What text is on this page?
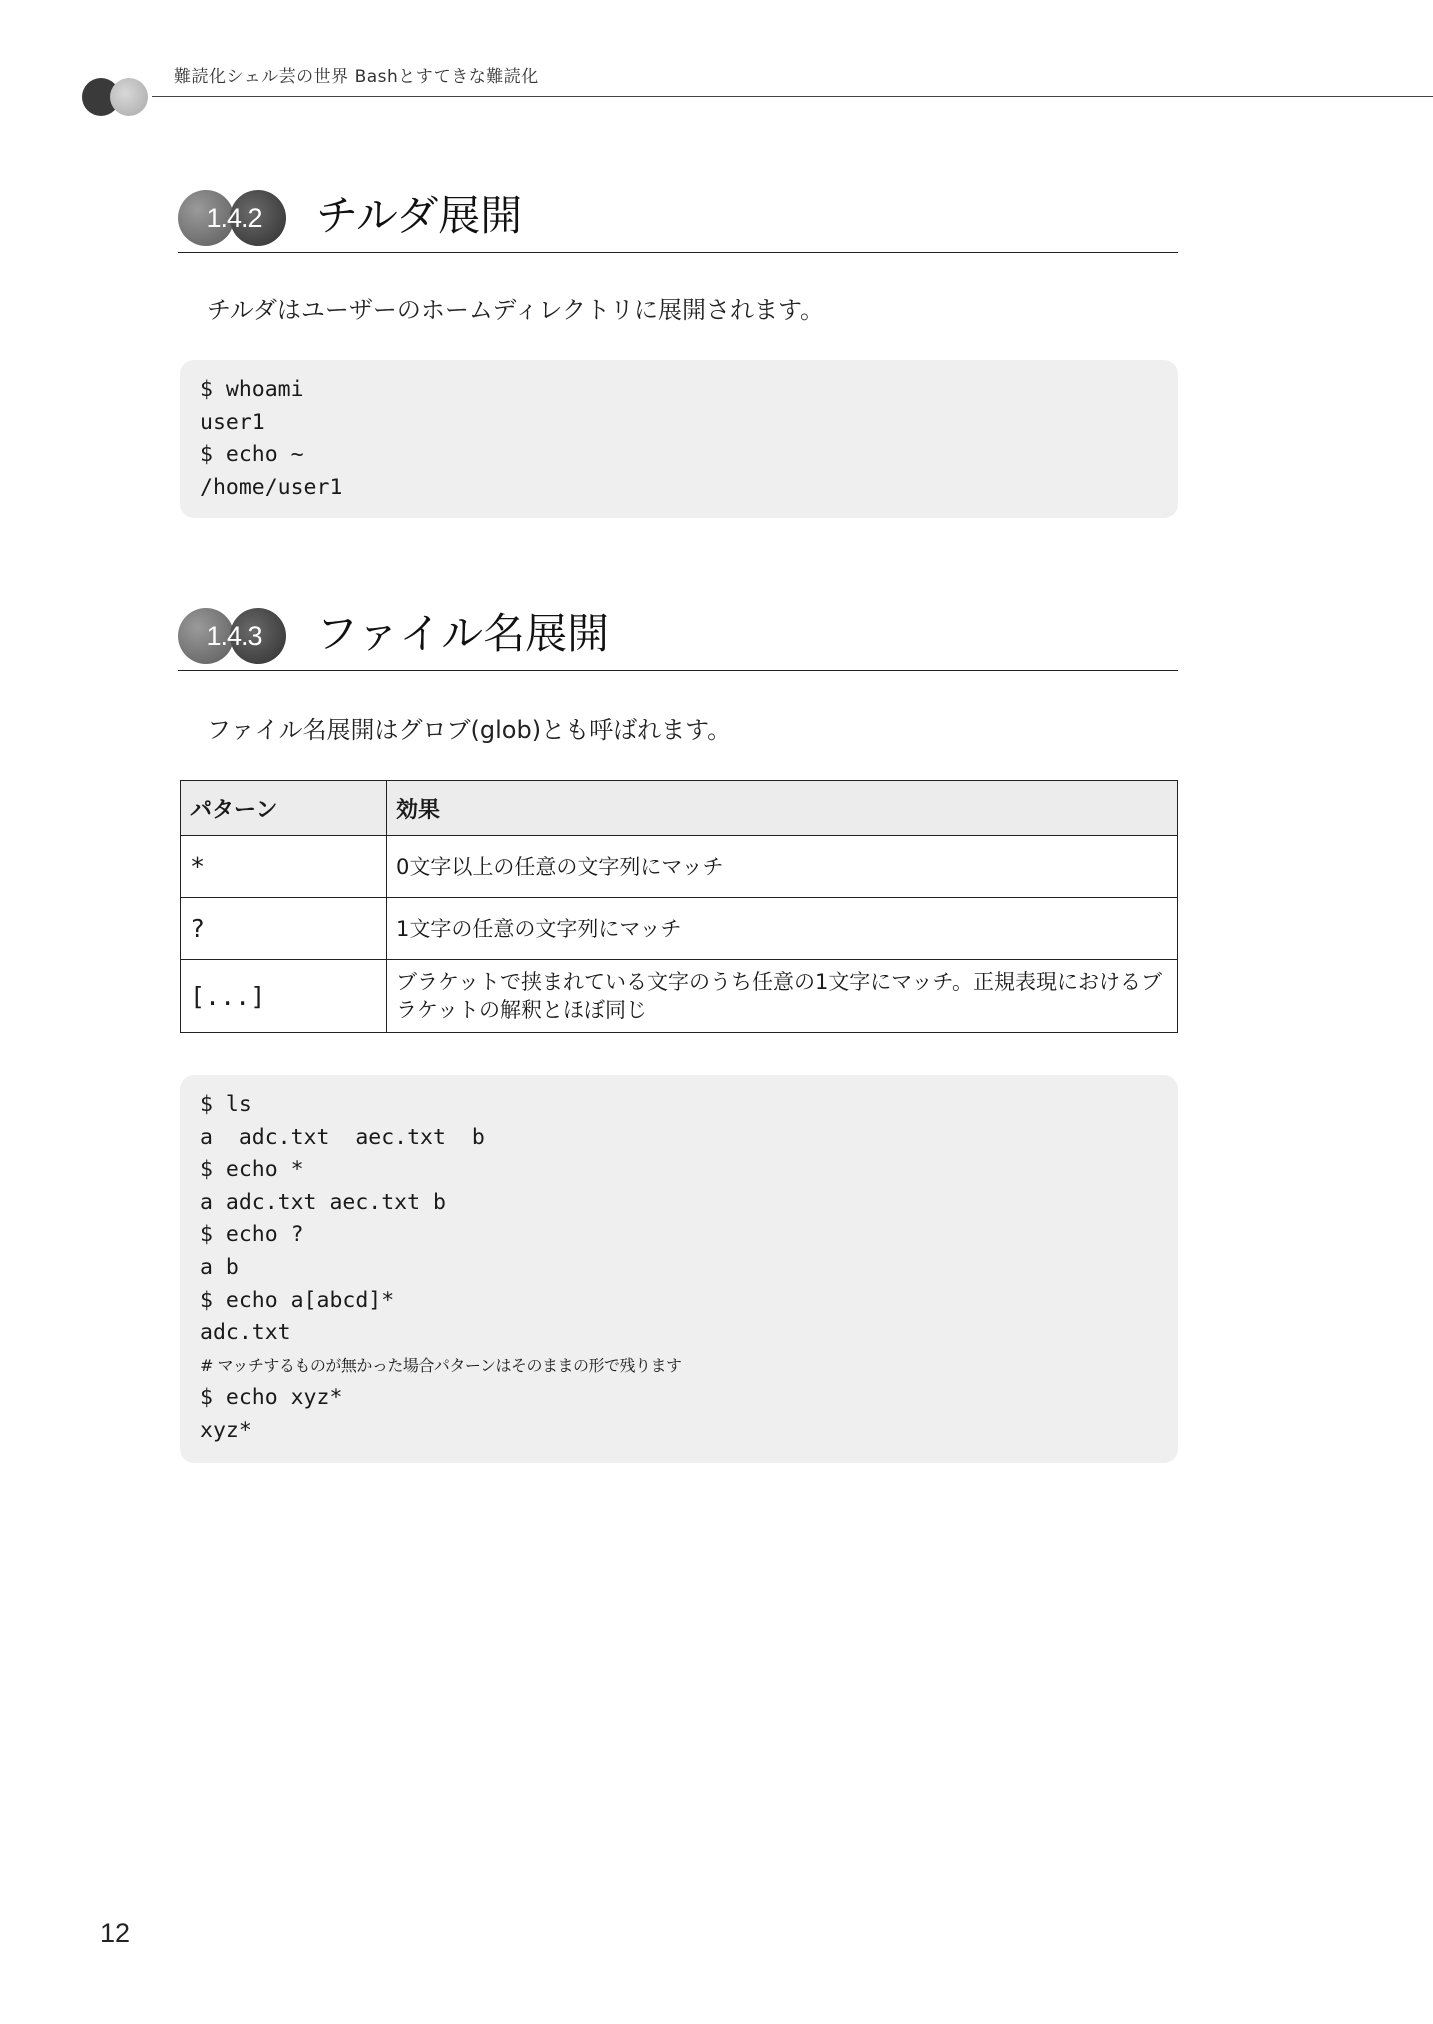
難読化シェル芸の世界 Bashとすてきな難読化
1.4.2	チルダ展開

チルダはユーザーのホームディレクトリに展開されます。

$ whoami
user1
$ echo ~
/home/user1
1.4.3	ファイル名展開

ファイル名展開はグロブ(glob)とも呼ばれます。

パターン	効果
*	0文字以上の任意の文字列にマッチ
?	1文字の任意の文字列にマッチ
[...]	ブラケットで挟まれている文字のうち任意の1文字にマッチ。正規表現におけるブラケットの解釈とほぼ同じ
$ ls
a  adc.txt  aec.txt  b
$ echo *
a adc.txt aec.txt b
$ echo ?
a b
$ echo a[abcd]*
adc.txt
# マッチするものが無かった場合パターンはそのままの形で残ります
$ echo xyz*
xyz*
12
